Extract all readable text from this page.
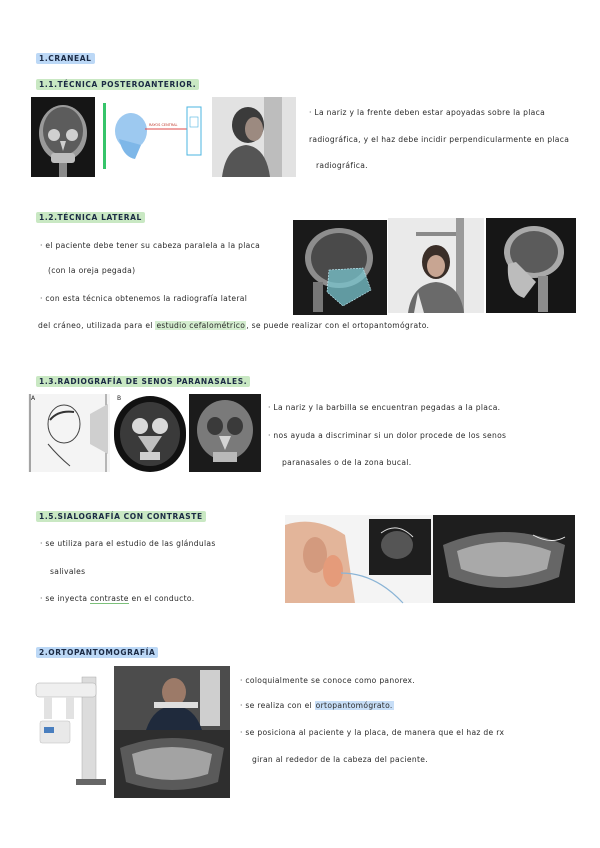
1.CRANEAL
1.1.TÉCNICA POSTEROANTERIOR.
RAYOS CENTRAL
· La nariz y la frente deben estar apoyadas sobre la placa
radiográfica, y el haz debe incidir perpendicularmente en placa
radiográfica.
1.2.TÉCNICA LATERAL
· el paciente debe tener su cabeza paralela a la placa
(con la oreja pegada)
· con esta técnica obtenemos la radiografía lateral
del cráneo, utilizada para el estudio cefalométrico, se puede realizar con el ortopantomógrato.
1.3.RADIOGRAFÍA DE SENOS PARANASALES.
A	B
· La nariz y la barbilla se encuentran pegadas a la placa.
· nos ayuda a discriminar si un dolor procede de los senos
paranasales o de la zona bucal.
1.5.SIALOGRAFÍA CON CONTRASTE
· se utiliza para el estudio de las glándulas
salivales
· se inyecta contraste en el conducto.
2.ORTOPANTOMOGRAFÍA
· coloquialmente se conoce como panorex.
· se realiza con el ortopantomógrato.
· se posiciona al paciente y la placa, de manera que el haz de rx
giran al rededor de la cabeza del paciente.
